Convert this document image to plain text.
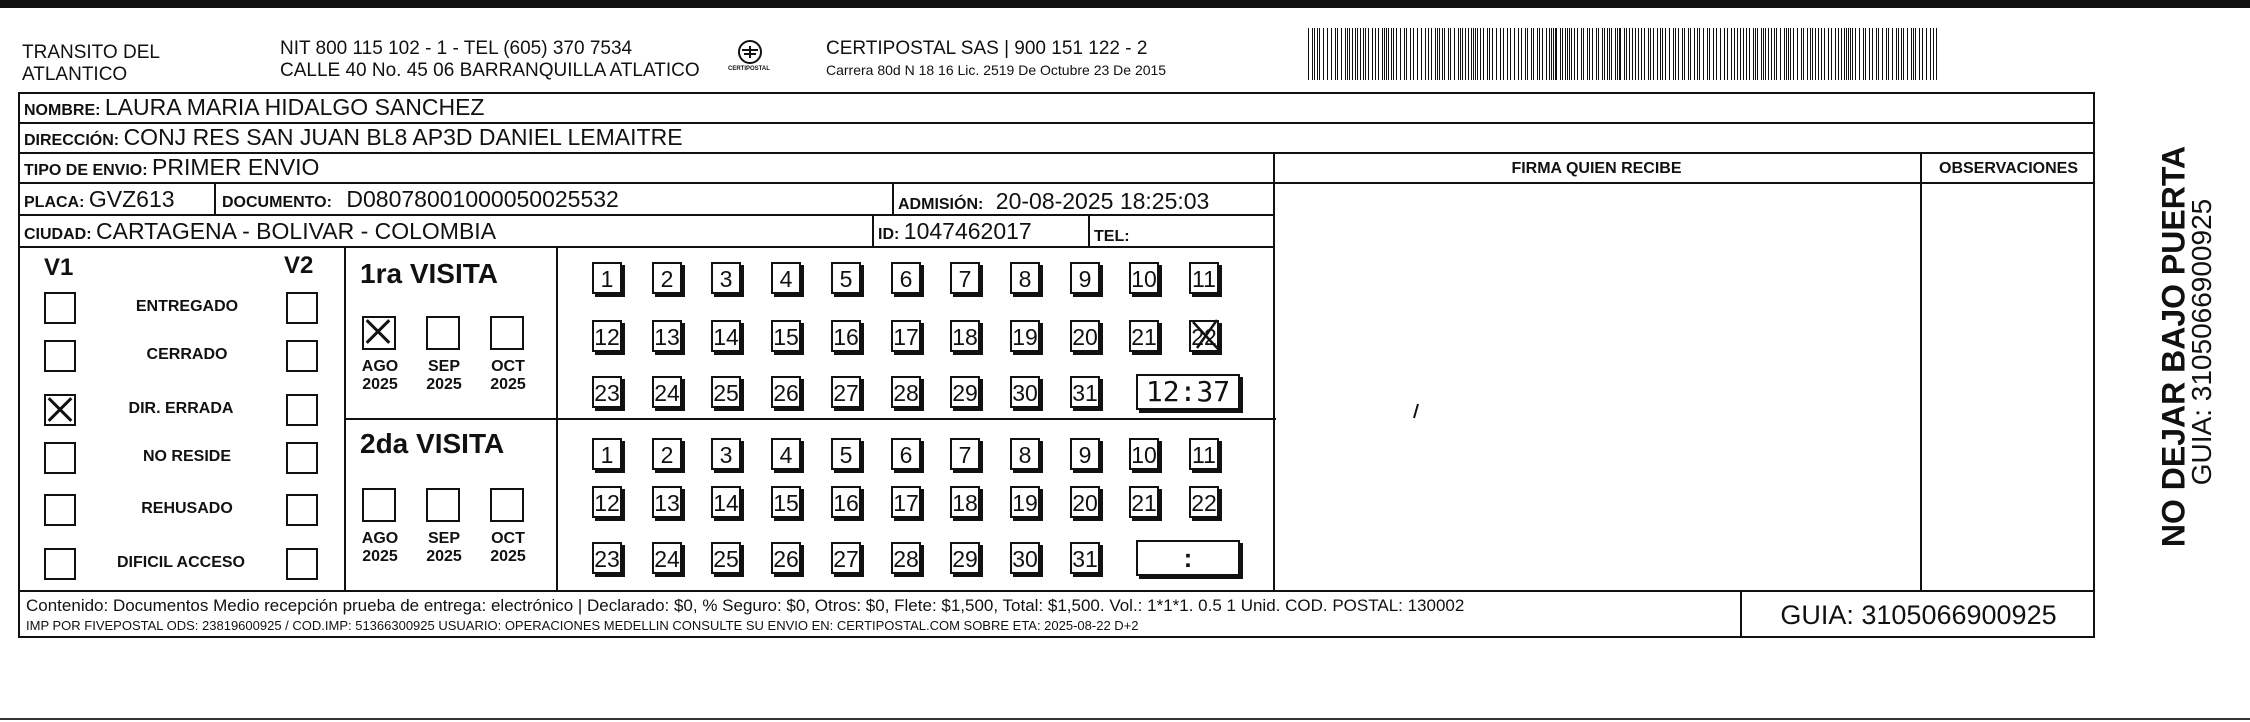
TRANSITO DEL
ATLANTICO
NIT 800 115 102 - 1 - TEL (605) 370 7534
CALLE 40 No. 45 06 BARRANQUILLA ATLATICO	CERTIPOSTAL
CERTIPOSTAL SAS | 900 151 122 - 2
Carrera 80d N 18 16 Lic. 2519 De Octubre 23 De 2015
NOMBRE: LAURA MARIA HIDALGO SANCHEZ
DIRECCIÓN: CONJ RES SAN JUAN BL8 AP3D DANIEL LEMAITRE
TIPO DE ENVIO: PRIMER ENVIO	FIRMA QUIEN RECIBE	OBSERVACIONES
PLACA: GVZ613	DOCUMENTO: D08078001000050025532	ADMISIÓN: 20-08-2025 18:25:03
CIUDAD: CARTAGENA - BOLIVAR - COLOMBIA	ID: 1047462017	TEL:
V1	V2
ENTREGADO
CERRADO
DIR. ERRADA
NO RESIDE
REHUSADO
DIFICIL ACCESO
1ra VISITA
AGO
2025
SEP
2025
OCT
2025
1	2	3	4	5	6	7	8	9	10 11
12 13 14 15 16 17 18 19 20 21 22
23 24 25 26 27 28 29 30 31	12:37
2da VISITA
AGO
2025
SEP
2025
OCT
2025
1	2	3	4	5	6	7	8	9	10 11
12 13 14 15 16 17 18 19 20 21 22
23 24 25 26 27 28 29 30 31	:
Contenido: Documentos Medio recepción prueba de entrega: electrónico | Declarado: $0, % Seguro: $0, Otros: $0, Flete: $1,500, Total: $1,500. Vol.: 1*1*1. 0.5 1 Unid. COD. POSTAL: 130002
IMP POR FIVEPOSTAL ODS: 23819600925 / COD.IMP: 51366300925 USUARIO: OPERACIONES MEDELLIN CONSULTE SU ENVIO EN: CERTIPOSTAL.COM SOBRE ETA: 2025-08-22 D+2	GUIA: 3105066900925
NO DEJAR BAJO PUERTA
GUIA: 3105066900925
